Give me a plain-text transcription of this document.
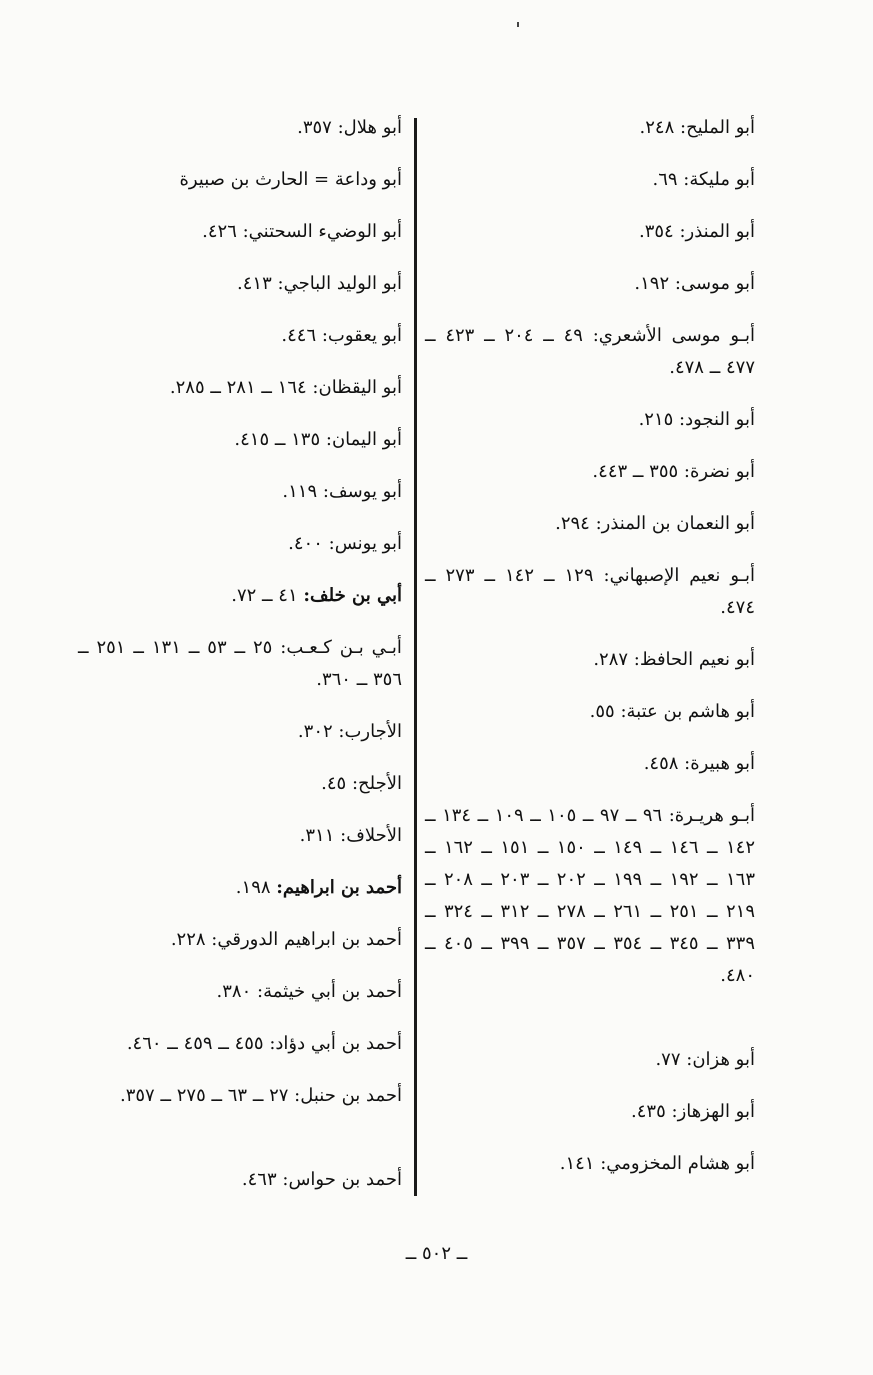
أبو المليح: ٢٤٨.
أبو مليكة: ٦٩.
أبو المنذر: ٣٥٤.
أبو موسى: ١٩٢.
أبـو موسى الأشعري: ٤٩ ــ ٢٠٤ ــ ٤٢٣ ــ ٤٧٧ ــ ٤٧٨.
أبو النجود: ٢١٥.
أبو نضرة: ٣٥٥ ــ ٤٤٣.
أبو النعمان بن المنذر: ٢٩٤.
أبـو نعيم الإصبهاني: ١٢٩ ــ ١٤٢ ــ ٢٧٣ ــ ٤٧٤.
أبو نعيم الحافظ: ٢٨٧.
أبو هاشم بن عتبة: ٥٥.
أبو هبيرة: ٤٥٨.
أبـو هريـرة: ٩٦ ــ ٩٧ ــ ١٠٥ ــ ١٠٩ ــ ١٣٤ ــ ١٤٢ ــ ١٤٦ ــ ١٤٩ ــ ١٥٠ ــ ١٥١ ــ ١٦٢ ــ ١٦٣ ــ ١٩٢ ــ ١٩٩ ــ ٢٠٢ ــ ٢٠٣ ــ ٢٠٨ ــ ٢١٩ ــ ٢٥١ ــ ٢٦١ ــ ٢٧٨ ــ ٣١٢ ــ ٣٢٤ ــ ٣٣٩ ــ ٣٤٥ ــ ٣٥٤ ــ ٣٥٧ ــ ٣٩٩ ــ ٤٠٥ ــ ٤٨٠.
أبو هزان: ٧٧.
أبو الهزهاز: ٤٣٥.
أبو هشام المخزومي: ١٤١.
أبو هلال: ٣٥٧.
أبو وداعة = الحارث بن صبيرة
أبو الوضيء السحتني: ٤٢٦.
أبو الوليد الباجي: ٤١٣.
أبو يعقوب: ٤٤٦.
أبو اليقظان: ١٦٤ ــ ٢٨١ ــ ٢٨٥.
أبو اليمان: ١٣٥ ــ ٤١٥.
أبو يوسف: ١١٩.
أبو يونس: ٤٠٠.
أبي بن خلف: ٤١ ــ ٧٢.
أبـي بـن كـعـب: ٢٥ ــ ٥٣ ــ ١٣١ ــ ٢٥١ ــ ٣٥٦ ــ ٣٦٠.
الأجارب: ٣٠٢.
الأجلح: ٤٥.
الأحلاف: ٣١١.
أحمد بن ابراهيم: ١٩٨.
أحمد بن ابراهيم الدورقي: ٢٢٨.
أحمد بن أبي خيثمة: ٣٨٠.
أحمد بن أبي دؤاد: ٤٥٥ ــ ٤٥٩ ــ ٤٦٠.
أحمد بن حنبل: ٢٧ ــ ٦٣ ــ ٢٧٥ ــ ٣٥٧.
أحمد بن حواس: ٤٦٣.
ــ ٥٠٢ ــ
